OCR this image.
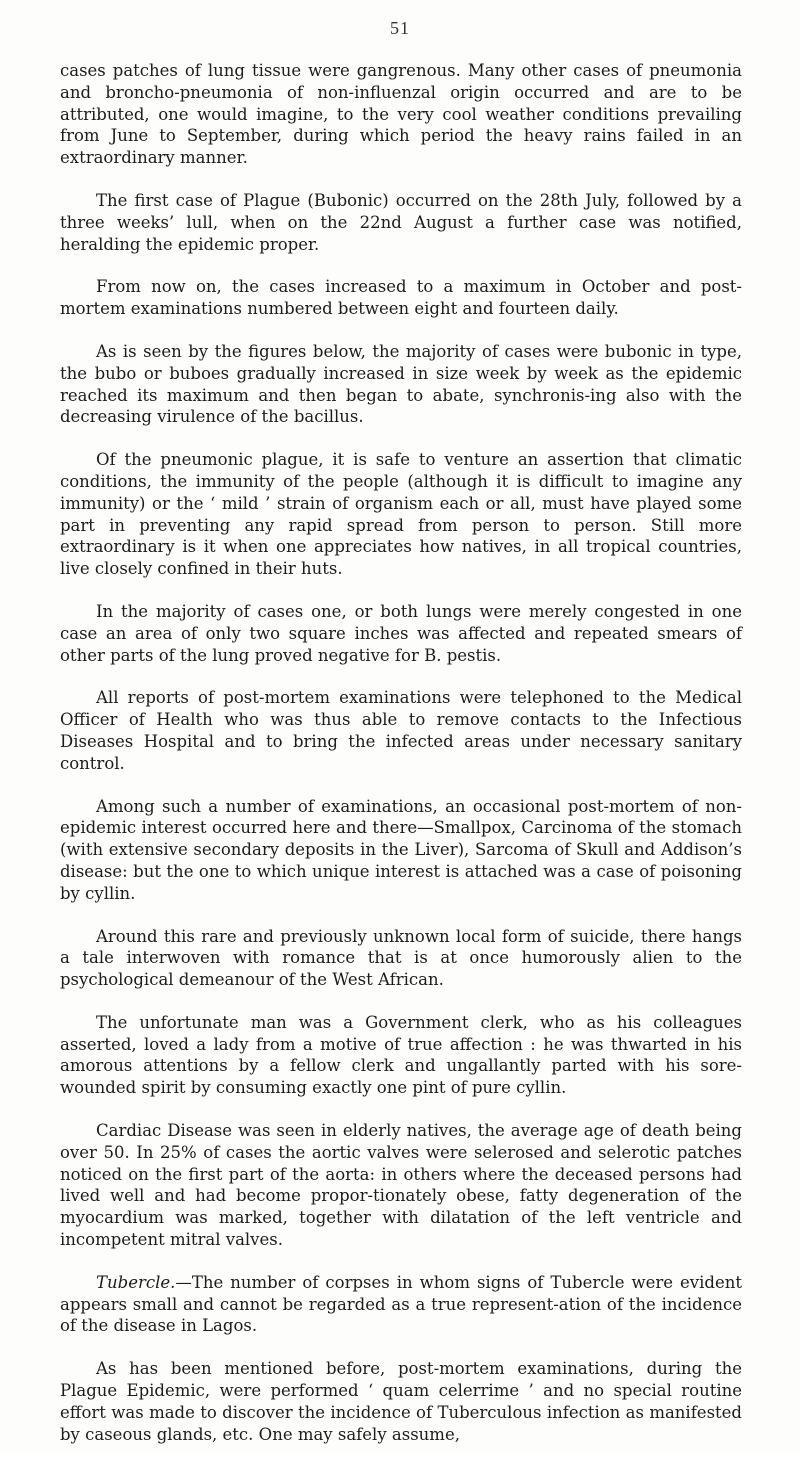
51

cases patches of lung tissue were gangrenous. Many other cases of pneumonia and broncho-pneumonia of non-influenzal origin occurred and are to be attributed, one would imagine, to the very cool weather conditions prevailing from June to September, during which period the heavy rains failed in an extraordinary manner.

The first case of Plague (Bubonic) occurred on the 28th July, followed by a three weeks’ lull, when on the 22nd August a further case was notified, heralding the epidemic proper.

From now on, the cases increased to a maximum in October and post-mortem examinations numbered between eight and fourteen daily.

As is seen by the figures below, the majority of cases were bubonic in type, the bubo or buboes gradually increased in size week by week as the epidemic reached its maximum and then began to abate, synchronis-ing also with the decreasing virulence of the bacillus.

Of the pneumonic plague, it is safe to venture an assertion that climatic conditions, the immunity of the people (although it is difficult to imagine any immunity) or the ‘ mild ’ strain of organism each or all, must have played some part in preventing any rapid spread from person to person. Still more extraordinary is it when one appreciates how natives, in all tropical countries, live closely confined in their huts.

In the majority of cases one, or both lungs were merely congested in one case an area of only two square inches was affected and repeated smears of other parts of the lung proved negative for B. pestis.

All reports of post-mortem examinations were telephoned to the Medical Officer of Health who was thus able to remove contacts to the Infectious Diseases Hospital and to bring the infected areas under necessary sanitary control.

Among such a number of examinations, an occasional post-mortem of non-epidemic interest occurred here and there—Smallpox, Carcinoma of the stomach (with extensive secondary deposits in the Liver), Sarcoma of Skull and Addison’s disease: but the one to which unique interest is attached was a case of poisoning by cyllin.

Around this rare and previously unknown local form of suicide, there hangs a tale interwoven with romance that is at once humorously alien to the psychological demeanour of the West African.

The unfortunate man was a Government clerk, who as his colleagues asserted, loved a lady from a motive of true affection : he was thwarted in his amorous attentions by a fellow clerk and ungallantly parted with his sore-wounded spirit by consuming exactly one pint of pure cyllin.

Cardiac Disease was seen in elderly natives, the average age of death being over 50. In 25% of cases the aortic valves were selerosed and selerotic patches noticed on the first part of the aorta: in others where the deceased persons had lived well and had become propor-tionately obese, fatty degeneration of the myocardium was marked, together with dilatation of the left ventricle and incompetent mitral valves.

Tubercle.—The number of corpses in whom signs of Tubercle were evident appears small and cannot be regarded as a true represent-ation of the incidence of the disease in Lagos.

As has been mentioned before, post-mortem examinations, during the Plague Epidemic, were performed ‘ quam celerrime ’ and no special routine effort was made to discover the incidence of Tuberculous infection as manifested by caseous glands, etc. One may safely assume,
